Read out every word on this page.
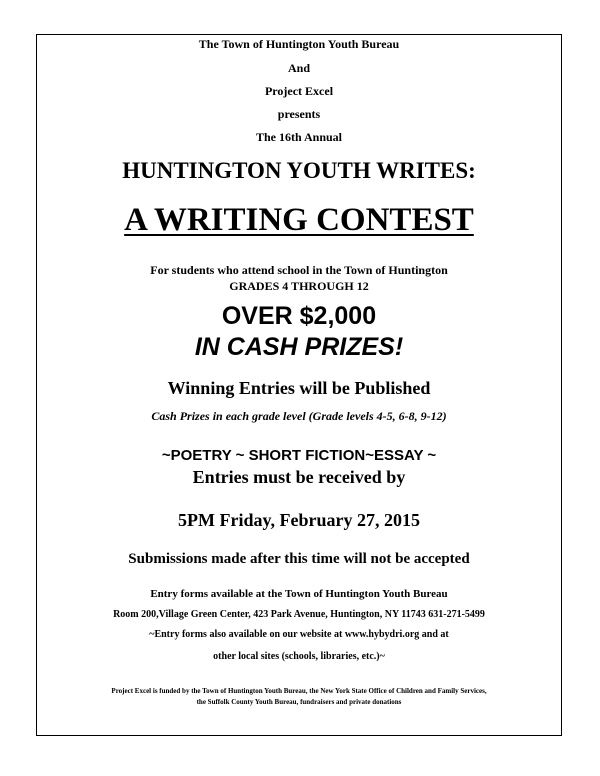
The Town of Huntington Youth Bureau
And
Project Excel
presents
The 16th Annual
HUNTINGTON YOUTH WRITES:
A WRITING CONTEST
For students who attend school in the Town of Huntington
GRADES 4 THROUGH 12
OVER $2,000
IN CASH PRIZES!
Winning Entries will be Published
Cash Prizes in each grade level (Grade levels 4-5, 6-8, 9-12)
~POETRY ~ SHORT FICTION~ESSAY ~
Entries must be received by
5PM Friday, February 27, 2015
Submissions made after this time will not be accepted
Entry forms available at the Town of Huntington Youth Bureau
Room 200,Village Green Center, 423 Park Avenue, Huntington, NY 11743 631-271-5499
~Entry forms also available on our website at www.hybydri.org and at
other local sites (schools, libraries, etc.)~
Project Excel is funded by the Town of Huntington Youth Bureau, the New York State Office of Children and Family Services,
the Suffolk County Youth Bureau, fundraisers and private donations
